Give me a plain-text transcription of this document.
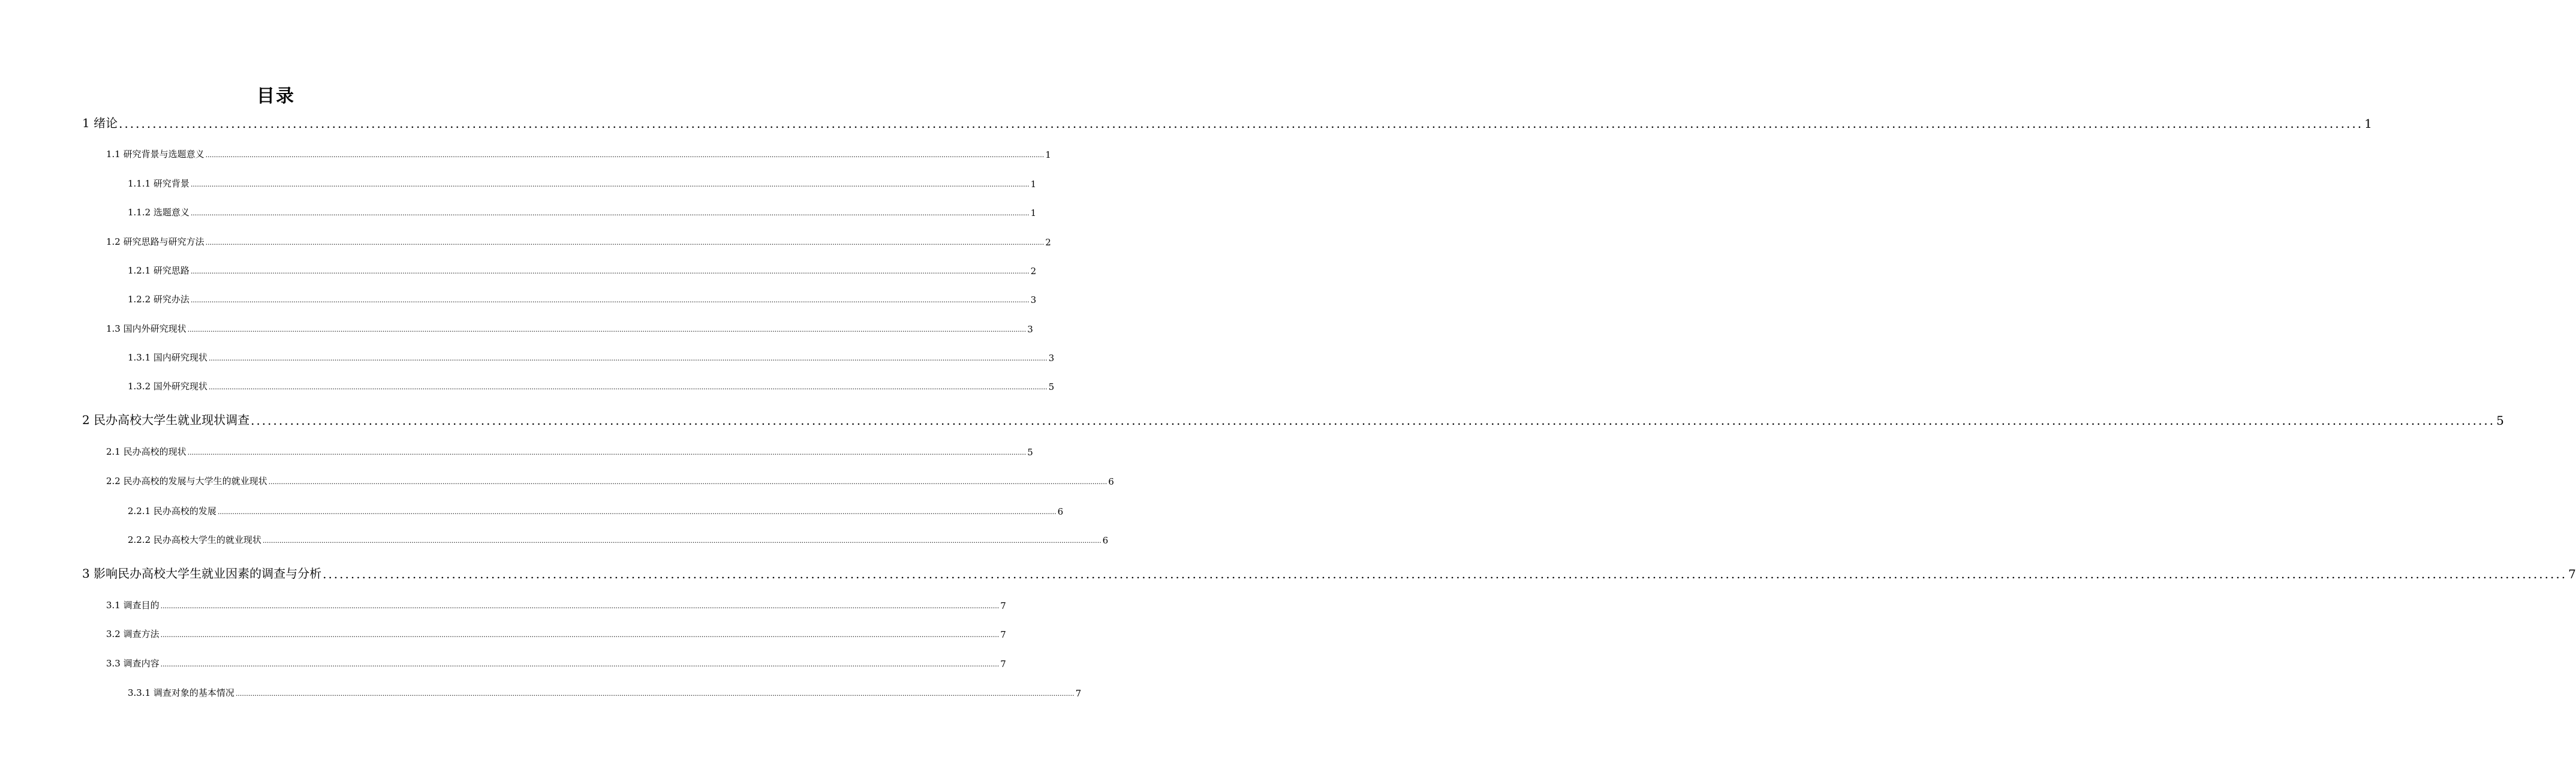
目录
1 绪论 ................................................................................................................................................................................................................................................................................................................................................................................................................ 1
1.1 研究背景与选题意义 ................................................................................................................................................................................................................................................................................................................................................................................................................ 1
1.1.1 研究背景 ................................................................................................................................................................................................................................................................................................................................................................................................................ 1
1.1.2 选题意义 ................................................................................................................................................................................................................................................................................................................................................................................................................ 1
1.2 研究思路与研究方法 ................................................................................................................................................................................................................................................................................................................................................................................................................ 2
1.2.1 研究思路 ................................................................................................................................................................................................................................................................................................................................................................................................................ 2
1.2.2 研究办法 ................................................................................................................................................................................................................................................................................................................................................................................................................ 3
1.3 国内外研究现状 ................................................................................................................................................................................................................................................................................................................................................................................................................ 3
1.3.1 国内研究现状 ................................................................................................................................................................................................................................................................................................................................................................................................................ 3
1.3.2 国外研究现状 ................................................................................................................................................................................................................................................................................................................................................................................................................ 5
2 民办高校大学生就业现状调查 ................................................................................................................................................................................................................................................................................................................................................................................................................ 5
2.1 民办高校的现状 ................................................................................................................................................................................................................................................................................................................................................................................................................ 5
2.2 民办高校的发展与大学生的就业现状 ................................................................................................................................................................................................................................................................................................................................................................................................................ 6
2.2.1 民办高校的发展 ................................................................................................................................................................................................................................................................................................................................................................................................................ 6
2.2.2 民办高校大学生的就业现状 ................................................................................................................................................................................................................................................................................................................................................................................................................ 6
3 影响民办高校大学生就业因素的调查与分析 ................................................................................................................................................................................................................................................................................................................................................................................................................ 7
3.1 调查目的 ................................................................................................................................................................................................................................................................................................................................................................................................................ 7
3.2 调查方法 ................................................................................................................................................................................................................................................................................................................................................................................................................ 7
3.3 调查内容 ................................................................................................................................................................................................................................................................................................................................................................................................................ 7
3.3.1 调查对象的基本情况 ................................................................................................................................................................................................................................................................................................................................................................................................................ 7
